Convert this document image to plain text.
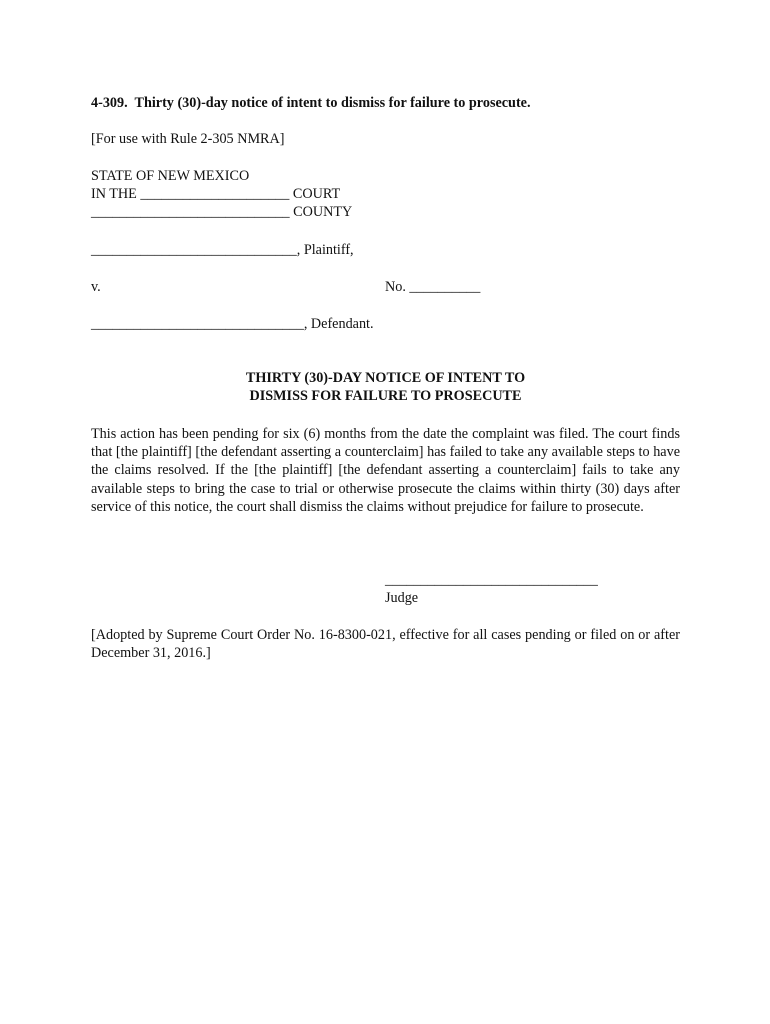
4-309.  Thirty (30)-day notice of intent to dismiss for failure to prosecute.
[For use with Rule 2-305 NMRA]
STATE OF NEW MEXICO
IN THE _____________________ COURT
____________________________ COUNTY
_____________________________, Plaintiff,
v.	No. __________
______________________________, Defendant.
THIRTY (30)-DAY NOTICE OF INTENT TO
DISMISS FOR FAILURE TO PROSECUTE
This action has been pending for six (6) months from the date the complaint was filed. The court finds that [the plaintiff] [the defendant asserting a counterclaim] has failed to take any available steps to have the claims resolved. If the [the plaintiff] [the defendant asserting a counterclaim] fails to take any available steps to bring the case to trial or otherwise prosecute the claims within thirty (30) days after service of this notice, the court shall dismiss the claims without prejudice for failure to prosecute.
______________________________
Judge
[Adopted by Supreme Court Order No. 16-8300-021, effective for all cases pending or filed on or after December 31, 2016.]
